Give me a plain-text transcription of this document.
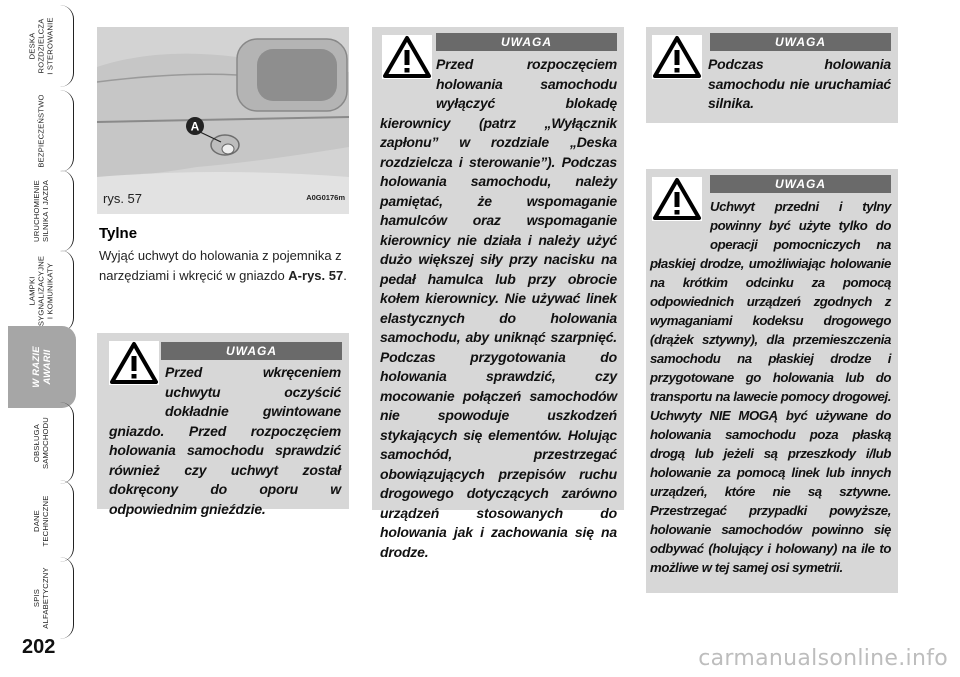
DESKA
ROZDZIELCZA
I STEROWANIE
BEZPIECZEŃSTWO
URUCHOMIENIE
SILNIKA I JAZDA
LAMPKI
SYGNALIZACYJNE
I KOMUNIKATY
W RAZIE
AWARII
OBSŁUGA
SAMOCHODU
DANE
TECHNICZNE
SPIS
ALFABETYCZNY
202
A
rys. 57	A0G0176m
Tylne
Wyjąć uchwyt do holowania z pojemnika z narzędziami i wkręcić w gniazdo A-rys. 57.
UWAGA
Przed wkręceniem uchwytu oczyścić dokładnie gwintowane gniazdo. Przed rozpoczęciem holowania samochodu sprawdzić również czy uchwyt został dokręcony do oporu w odpowiednim gnieździe.
UWAGA
Przed rozpoczęciem holowania samochodu wyłączyć blokadę kierownicy (patrz „Wyłącznik zapłonu” w rozdziale „Deska rozdzielcza i sterowanie”). Podczas holowania samochodu, należy pamiętać, że wspomaganie hamulców oraz wspomaganie kierownicy nie działa i należy użyć dużo większej siły przy nacisku na pedał hamulca lub przy obrocie kołem kierownicy. Nie używać linek elastycznych do holowania samochodu, aby uniknąć szarpnięć. Podczas przygotowania do holowania sprawdzić, czy mocowanie połączeń samochodów nie spowoduje uszkodzeń stykających się elementów. Holując samochód, przestrzegać obowiązujących przepisów ruchu drogowego dotyczących zarówno urządzeń stosowanych do holowania jak i zachowania się na drodze.
UWAGA
Podczas holowania samochodu nie uruchamiać silnika.
UWAGA
Uchwyt przedni i tylny powinny być użyte tylko do operacji pomocniczych na płaskiej drodze, umożliwiając holowanie na krótkim odcinku za pomocą odpowiednich urządzeń zgodnych z wymaganiami kodeksu drogowego (drążek sztywny), dla przemieszczenia samochodu na płaskiej drodze i przygotowane go holowania lub do transportu na lawecie pomocy drogowej. Uchwyty NIE MOGĄ być używane do holowania samochodu poza płaską drogą lub jeżeli są przeszkody i/lub holowanie za pomocą linek lub innych urządzeń, które nie są sztywne. Przestrzegać przypadki powyższe, holowanie samochodów powinno się odbywać (holujący i holowany) na ile to możliwe w tej samej osi symetrii.
carmanualsonline.info
